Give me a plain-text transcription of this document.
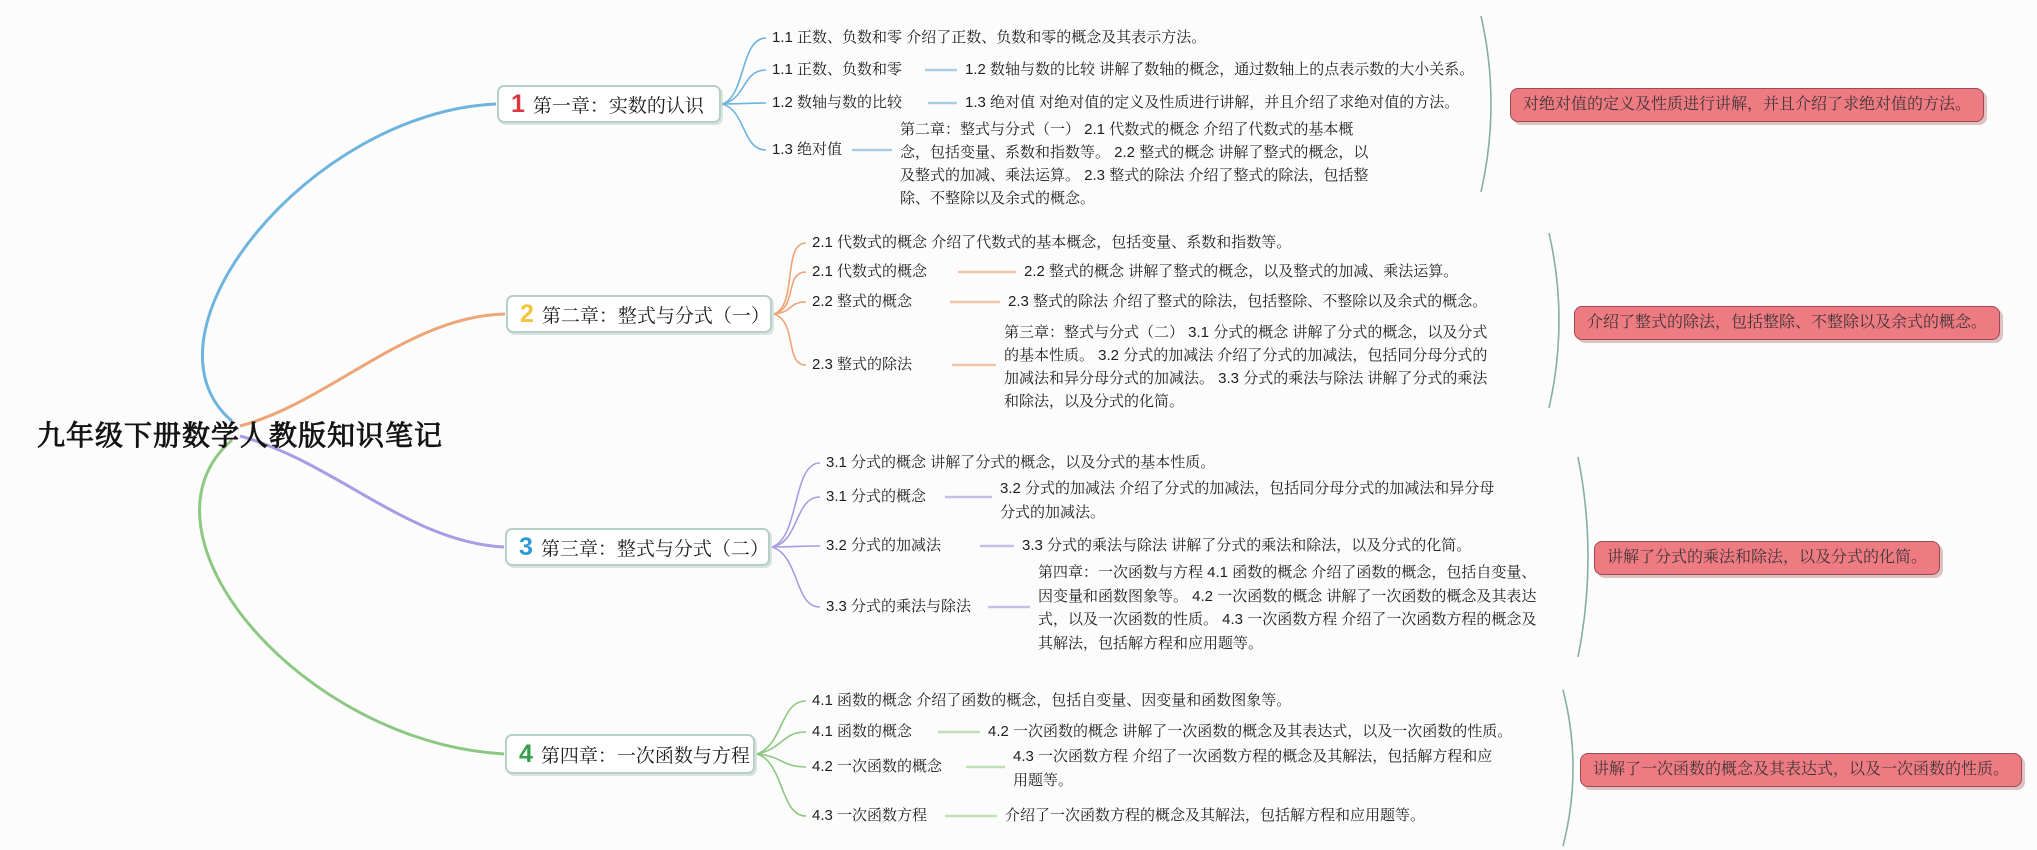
九年级下册数学人教版知识笔记
1 第一章：实数的认识
2 第二章：整式与分式（一）
3 第三章：整式与分式（二）
4 第四章：一次函数与方程
1.1 正数、负数和零 介绍了正数、负数和零的概念及其表示方法。
1.1 正数、负数和零	1.2 数轴与数的比较 讲解了数轴的概念，通过数轴上的点表示数的大小关系。
1.2 数轴与数的比较	1.3 绝对值 对绝对值的定义及性质进行讲解，并且介绍了求绝对值的方法。
1.3 绝对值
第二章：整式与分式（一） 2.1 代数式的概念 介绍了代数式的基本概念，包括变量、系数和指数等。 2.2 整式的概念 讲解了整式的概念，以及整式的加减、乘法运算。 2.3 整式的除法 介绍了整式的除法，包括整除、不整除以及余式的概念。
2.1 代数式的概念 介绍了代数式的基本概念，包括变量、系数和指数等。
2.1 代数式的概念	2.2 整式的概念 讲解了整式的概念，以及整式的加减、乘法运算。
2.2 整式的概念	2.3 整式的除法 介绍了整式的除法，包括整除、不整除以及余式的概念。
2.3 整式的除法
第三章：整式与分式（二） 3.1 分式的概念 讲解了分式的概念，以及分式的基本性质。 3.2 分式的加减法 介绍了分式的加减法，包括同分母分式的加减法和异分母分式的加减法。 3.3 分式的乘法与除法 讲解了分式的乘法和除法，以及分式的化简。
3.1 分式的概念 讲解了分式的概念，以及分式的基本性质。
3.1 分式的概念	3.2 分式的加减法 介绍了分式的加减法，包括同分母分式的加减法和异分母分式的加减法。
3.2 分式的加减法	3.3 分式的乘法与除法 讲解了分式的乘法和除法，以及分式的化简。
3.3 分式的乘法与除法
第四章：一次函数与方程 4.1 函数的概念 介绍了函数的概念，包括自变量、因变量和函数图象等。 4.2 一次函数的概念 讲解了一次函数的概念及其表达式，以及一次函数的性质。 4.3 一次函数方程 介绍了一次函数方程的概念及其解法，包括解方程和应用题等。
4.1 函数的概念 介绍了函数的概念，包括自变量、因变量和函数图象等。
4.1 函数的概念	4.2 一次函数的概念 讲解了一次函数的概念及其表达式，以及一次函数的性质。
4.2 一次函数的概念
4.3 一次函数方程 介绍了一次函数方程的概念及其解法，包括解方程和应用题等。
4.3 一次函数方程	介绍了一次函数方程的概念及其解法，包括解方程和应用题等。
对绝对值的定义及性质进行讲解，并且介绍了求绝对值的方法。
介绍了整式的除法，包括整除、不整除以及余式的概念。
讲解了分式的乘法和除法，以及分式的化简。
讲解了一次函数的概念及其表达式，以及一次函数的性质。
